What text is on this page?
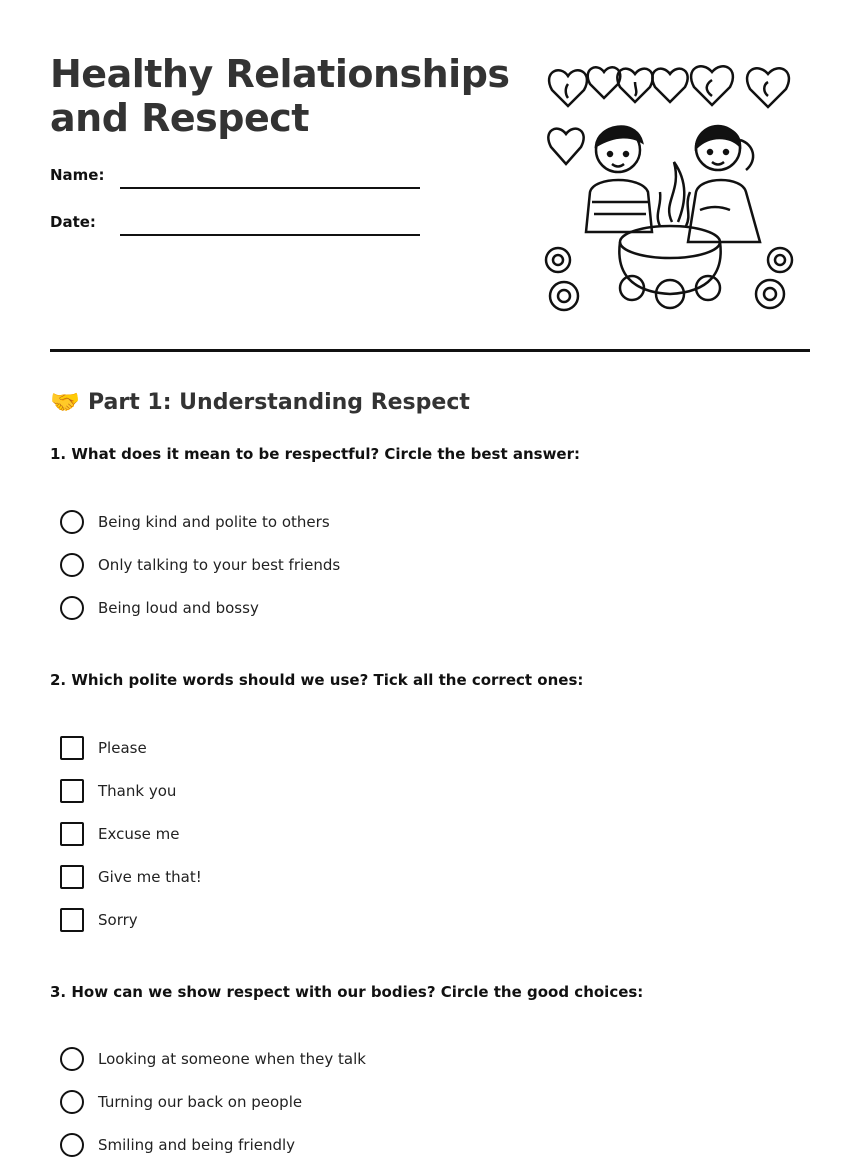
Healthy Relationships
and Respect
Name:
Date:
🤝 Part 1: Understanding Respect
1. What does it mean to be respectful? Circle the best answer:
Being kind and polite to others
Only talking to your best friends
Being loud and bossy
2. Which polite words should we use? Tick all the correct ones:
Please
Thank you
Excuse me
Give me that!
Sorry
3. How can we show respect with our bodies? Circle the good choices:
Looking at someone when they talk
Turning our back on people
Smiling and being friendly
